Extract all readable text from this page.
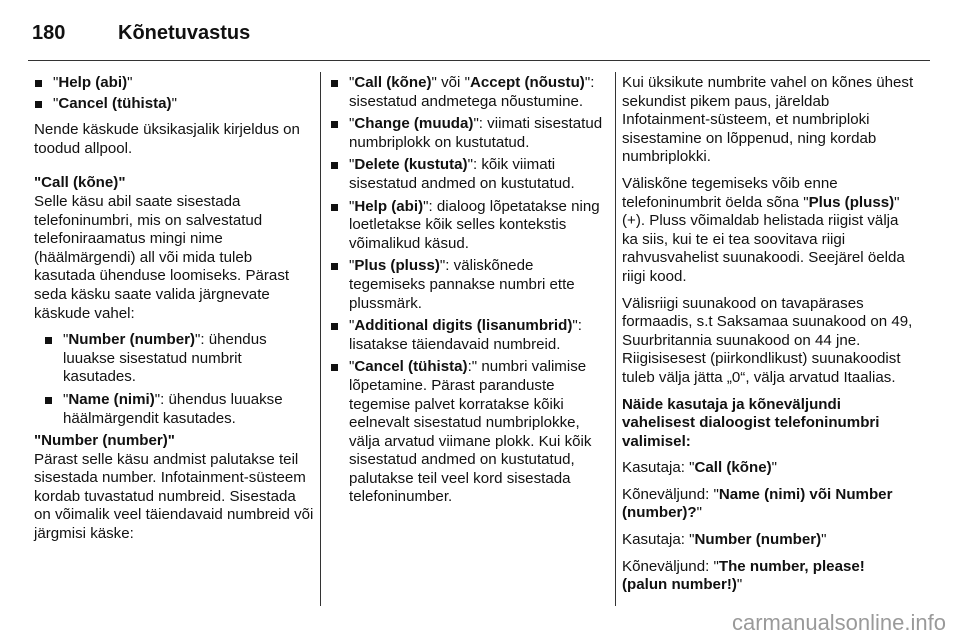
180	Kõnetuvastus
"Help (abi)"
"Cancel (tühista)"

Nende käskude üksikasjalik kirjeldus on toodud allpool.

"Call (kõne)"
Selle käsu abil saate sisestada telefoninumbri, mis on salvestatud telefoniraamatus mingi nime (häälmärgendi) all või mida tuleb kasutada ühenduse loomiseks. Pärast seda käsku saate valida järgnevate käskude vahel:
"Number (number)": ühendus luuakse sisestatud numbrit kasutades.
"Name (nimi)": ühendus luuakse häälmärgendit kasutades.
"Number (number)"
Pärast selle käsu andmist palutakse teil sisestada number. Infotainment-süsteem kordab tuvastatud numbreid. Sisestada on võimalik veel täiendavaid numbreid või järgmisi käske:
"Call (kõne)" või "Accept (nõustu)": sisestatud andmetega nõustumine.
"Change (muuda)": viimati sisestatud numbriplokk on kustutatud.
"Delete (kustuta)": kõik viimati sisestatud andmed on kustutatud.
"Help (abi)": dialoog lõpetatakse ning loetletakse kõik selles kontekstis võimalikud käsud.
"Plus (pluss)": väliskõnede tegemiseks pannakse numbri ette plussmärk.
"Additional digits (lisanumbrid)": lisatakse täiendavaid numbreid.
"Cancel (tühista):" numbri valimise lõpetamine. Pärast paranduste tegemise palvet korratakse kõiki eelnevalt sisestatud numbriplokke, välja arvatud viimane plokk. Kui kõik sisestatud andmed on kustutatud, palutakse teil veel kord sisestada telefoninumber.

Kui üksikute numbrite vahel on kõnes ühest sekundist pikem paus, järeldab Infotainment-süsteem, et numbriploki sisestamine on lõppenud, ning kordab numbriplokki.

Väliskõne tegemiseks võib enne telefoninumbrit öelda sõna "Plus (pluss)" (+). Pluss võimaldab helistada riigist välja ka siis, kui te ei tea soovitava riigi rahvusvahelist suunakoodi. Seejärel öelda riigi kood.

Välisriigi suunakood on tavapärases formaadis, s.t Saksamaa suunakood on 49, Suurbritannia suunakood on 44 jne. Riigisisesest (piirkondlikust) suunakoodist tuleb välja jätta „0“, välja arvatud Itaalias.

Näide kasutaja ja kõneväljundi vahelisest dialoogist telefoninumbri valimisel:

Kasutaja: "Call (kõne)"

Kõneväljund: "Name (nimi) või Number (number)?"

Kasutaja: "Number (number)"

Kõneväljund: "The number, please! (palun number!)"

carmanualsonline.info
